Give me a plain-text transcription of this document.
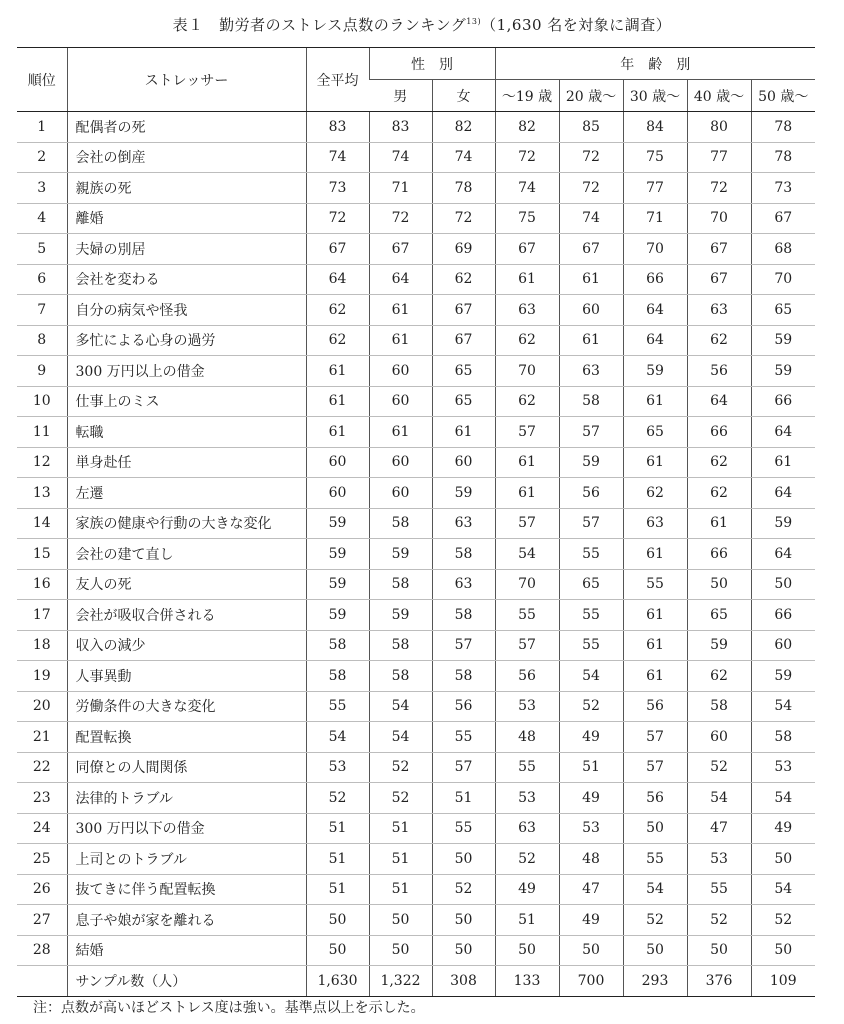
表１　勤労者のストレス点数のランキング$^{13)}$（1,630 名を対象に調査）
順位	ストレッサー	全平均	性　別		年　齢　別				
			男	女	〜19 歳	20 歳〜	30 歳〜	40 歳〜	50 歳〜
1	配偶者の死	83	83	82	82	85	84	80	78
2	会社の倒産	74	74	74	72	72	75	77	78
3	親族の死	73	71	78	74	72	77	72	73
4	離婚	72	72	72	75	74	71	70	67
5	夫婦の別居	67	67	69	67	67	70	67	68
6	会社を変わる	64	64	62	61	61	66	67	70
7	自分の病気や怪我	62	61	67	63	60	64	63	65
8	多忙による心身の過労	62	61	67	62	61	64	62	59
9	300 万円以上の借金	61	60	65	70	63	59	56	59
10	仕事上のミス	61	60	65	62	58	61	64	66
11	転職	61	61	61	57	57	65	66	64
12	単身赴任	60	60	60	61	59	61	62	61
13	左遷	60	60	59	61	56	62	62	64
14	家族の健康や行動の大きな変化	59	58	63	57	57	63	61	59
15	会社の建て直し	59	59	58	54	55	61	66	64
16	友人の死	59	58	63	70	65	55	50	50
17	会社が吸収合併される	59	59	58	55	55	61	65	66
18	収入の減少	58	58	57	57	55	61	59	60
19	人事異動	58	58	58	56	54	61	62	59
20	労働条件の大きな変化	55	54	56	53	52	56	58	54
21	配置転換	54	54	55	48	49	57	60	58
22	同僚との人間関係	53	52	57	55	51	57	52	53
23	法律的トラブル	52	52	51	53	49	56	54	54
24	300 万円以下の借金	51	51	55	63	53	50	47	49
25	上司とのトラブル	51	51	50	52	48	55	53	50
26	抜てきに伴う配置転換	51	51	52	49	47	54	55	54
27	息子や娘が家を離れる	50	50	50	51	49	52	52	52
28	結婚	50	50	50	50	50	50	50	50
	サンプル数（人）	1,630	1,322	308	133	700	293	376	109
注：点数が高いほどストレス度は強い。基準点以上を示した。
